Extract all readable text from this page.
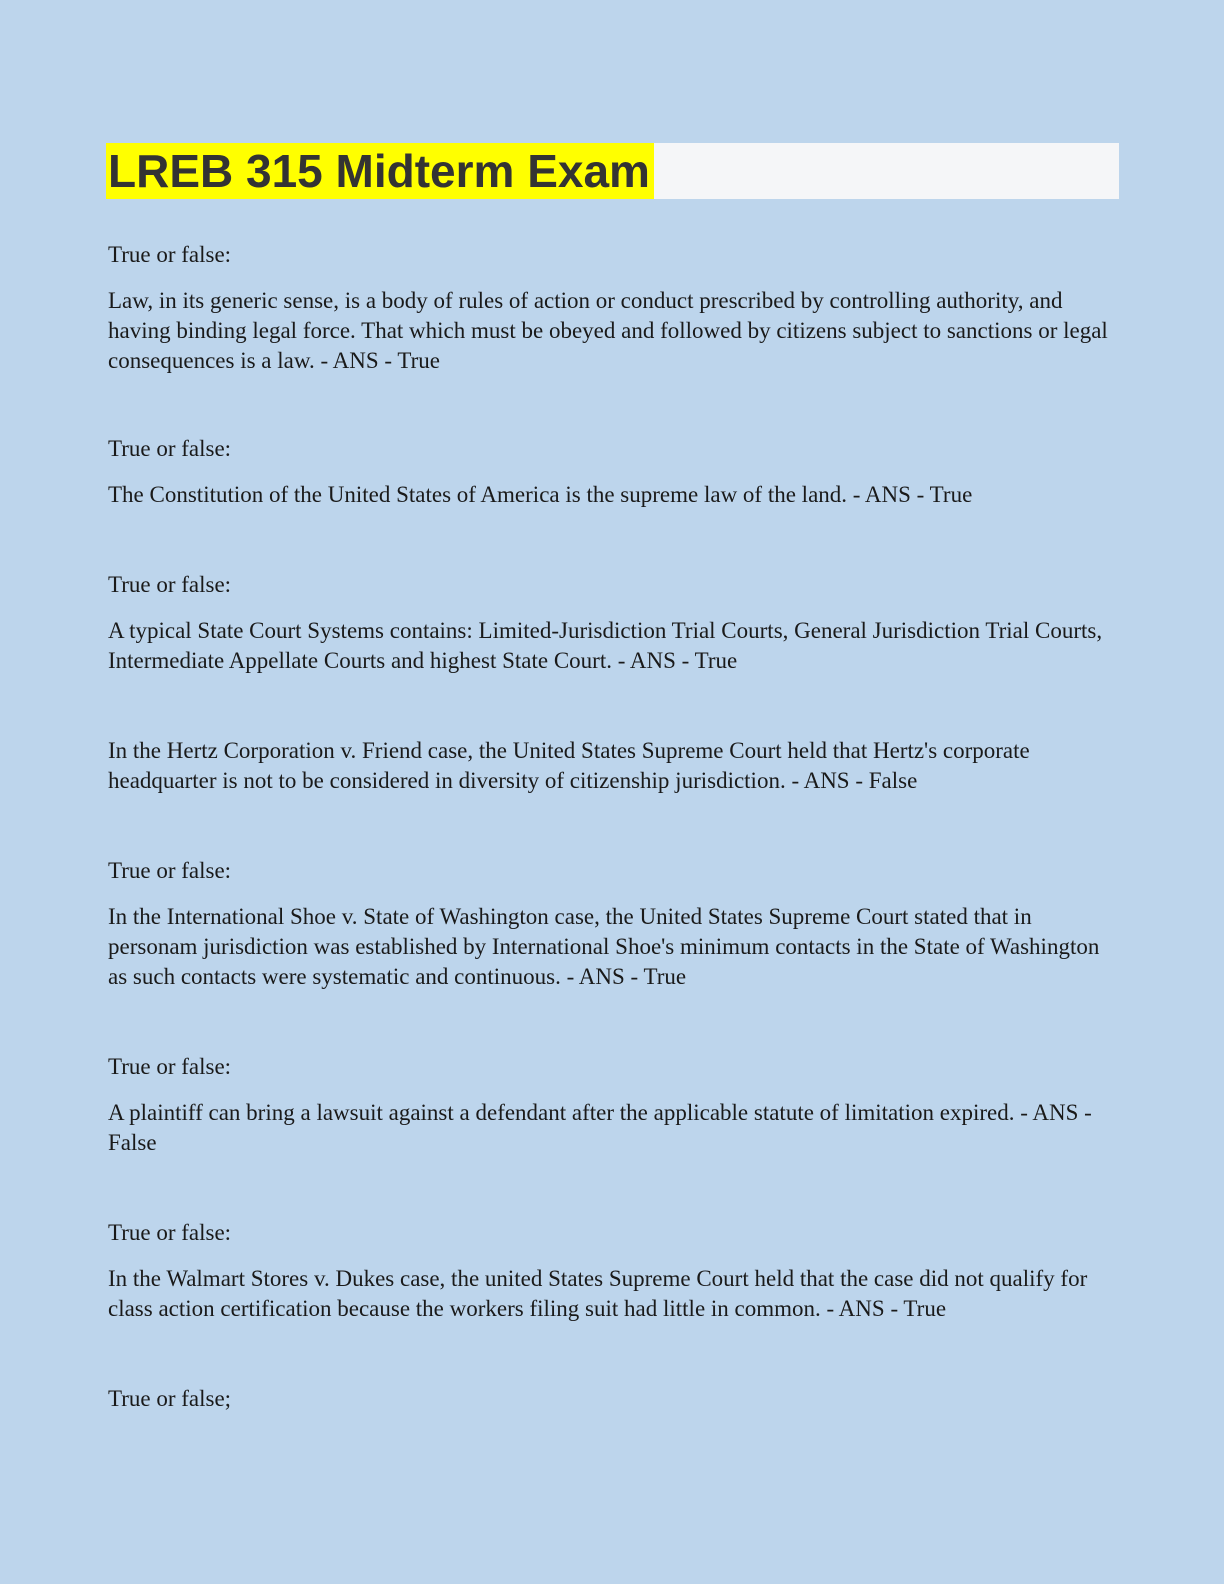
LREB 315 Midterm Exam

True or false:

Law, in its generic sense, is a body of rules of action or conduct prescribed by controlling authority, and having binding legal force. That which must be obeyed and followed by citizens subject to sanctions or legal consequences is a law. - ANS - True

True or false:

The Constitution of the United States of America is the supreme law of the land. - ANS - True

True or false:

A typical State Court Systems contains: Limited-Jurisdiction Trial Courts, General Jurisdiction Trial Courts, Intermediate Appellate Courts and highest State Court. - ANS - True

In the Hertz Corporation v. Friend case, the United States Supreme Court held that Hertz's corporate headquarter is not to be considered in diversity of citizenship jurisdiction. - ANS - False

True or false:

In the International Shoe v. State of Washington case, the United States Supreme Court stated that in personam jurisdiction was established by International Shoe's minimum contacts in the State of Washington as such contacts were systematic and continuous. - ANS - True

True or false:

A plaintiff can bring a lawsuit against a defendant after the applicable statute of limitation expired. - ANS - False

True or false:

In the Walmart Stores v. Dukes case, the united States Supreme Court held that the case did not qualify for class action certification because the workers filing suit had little in common. - ANS - True

True or false;
